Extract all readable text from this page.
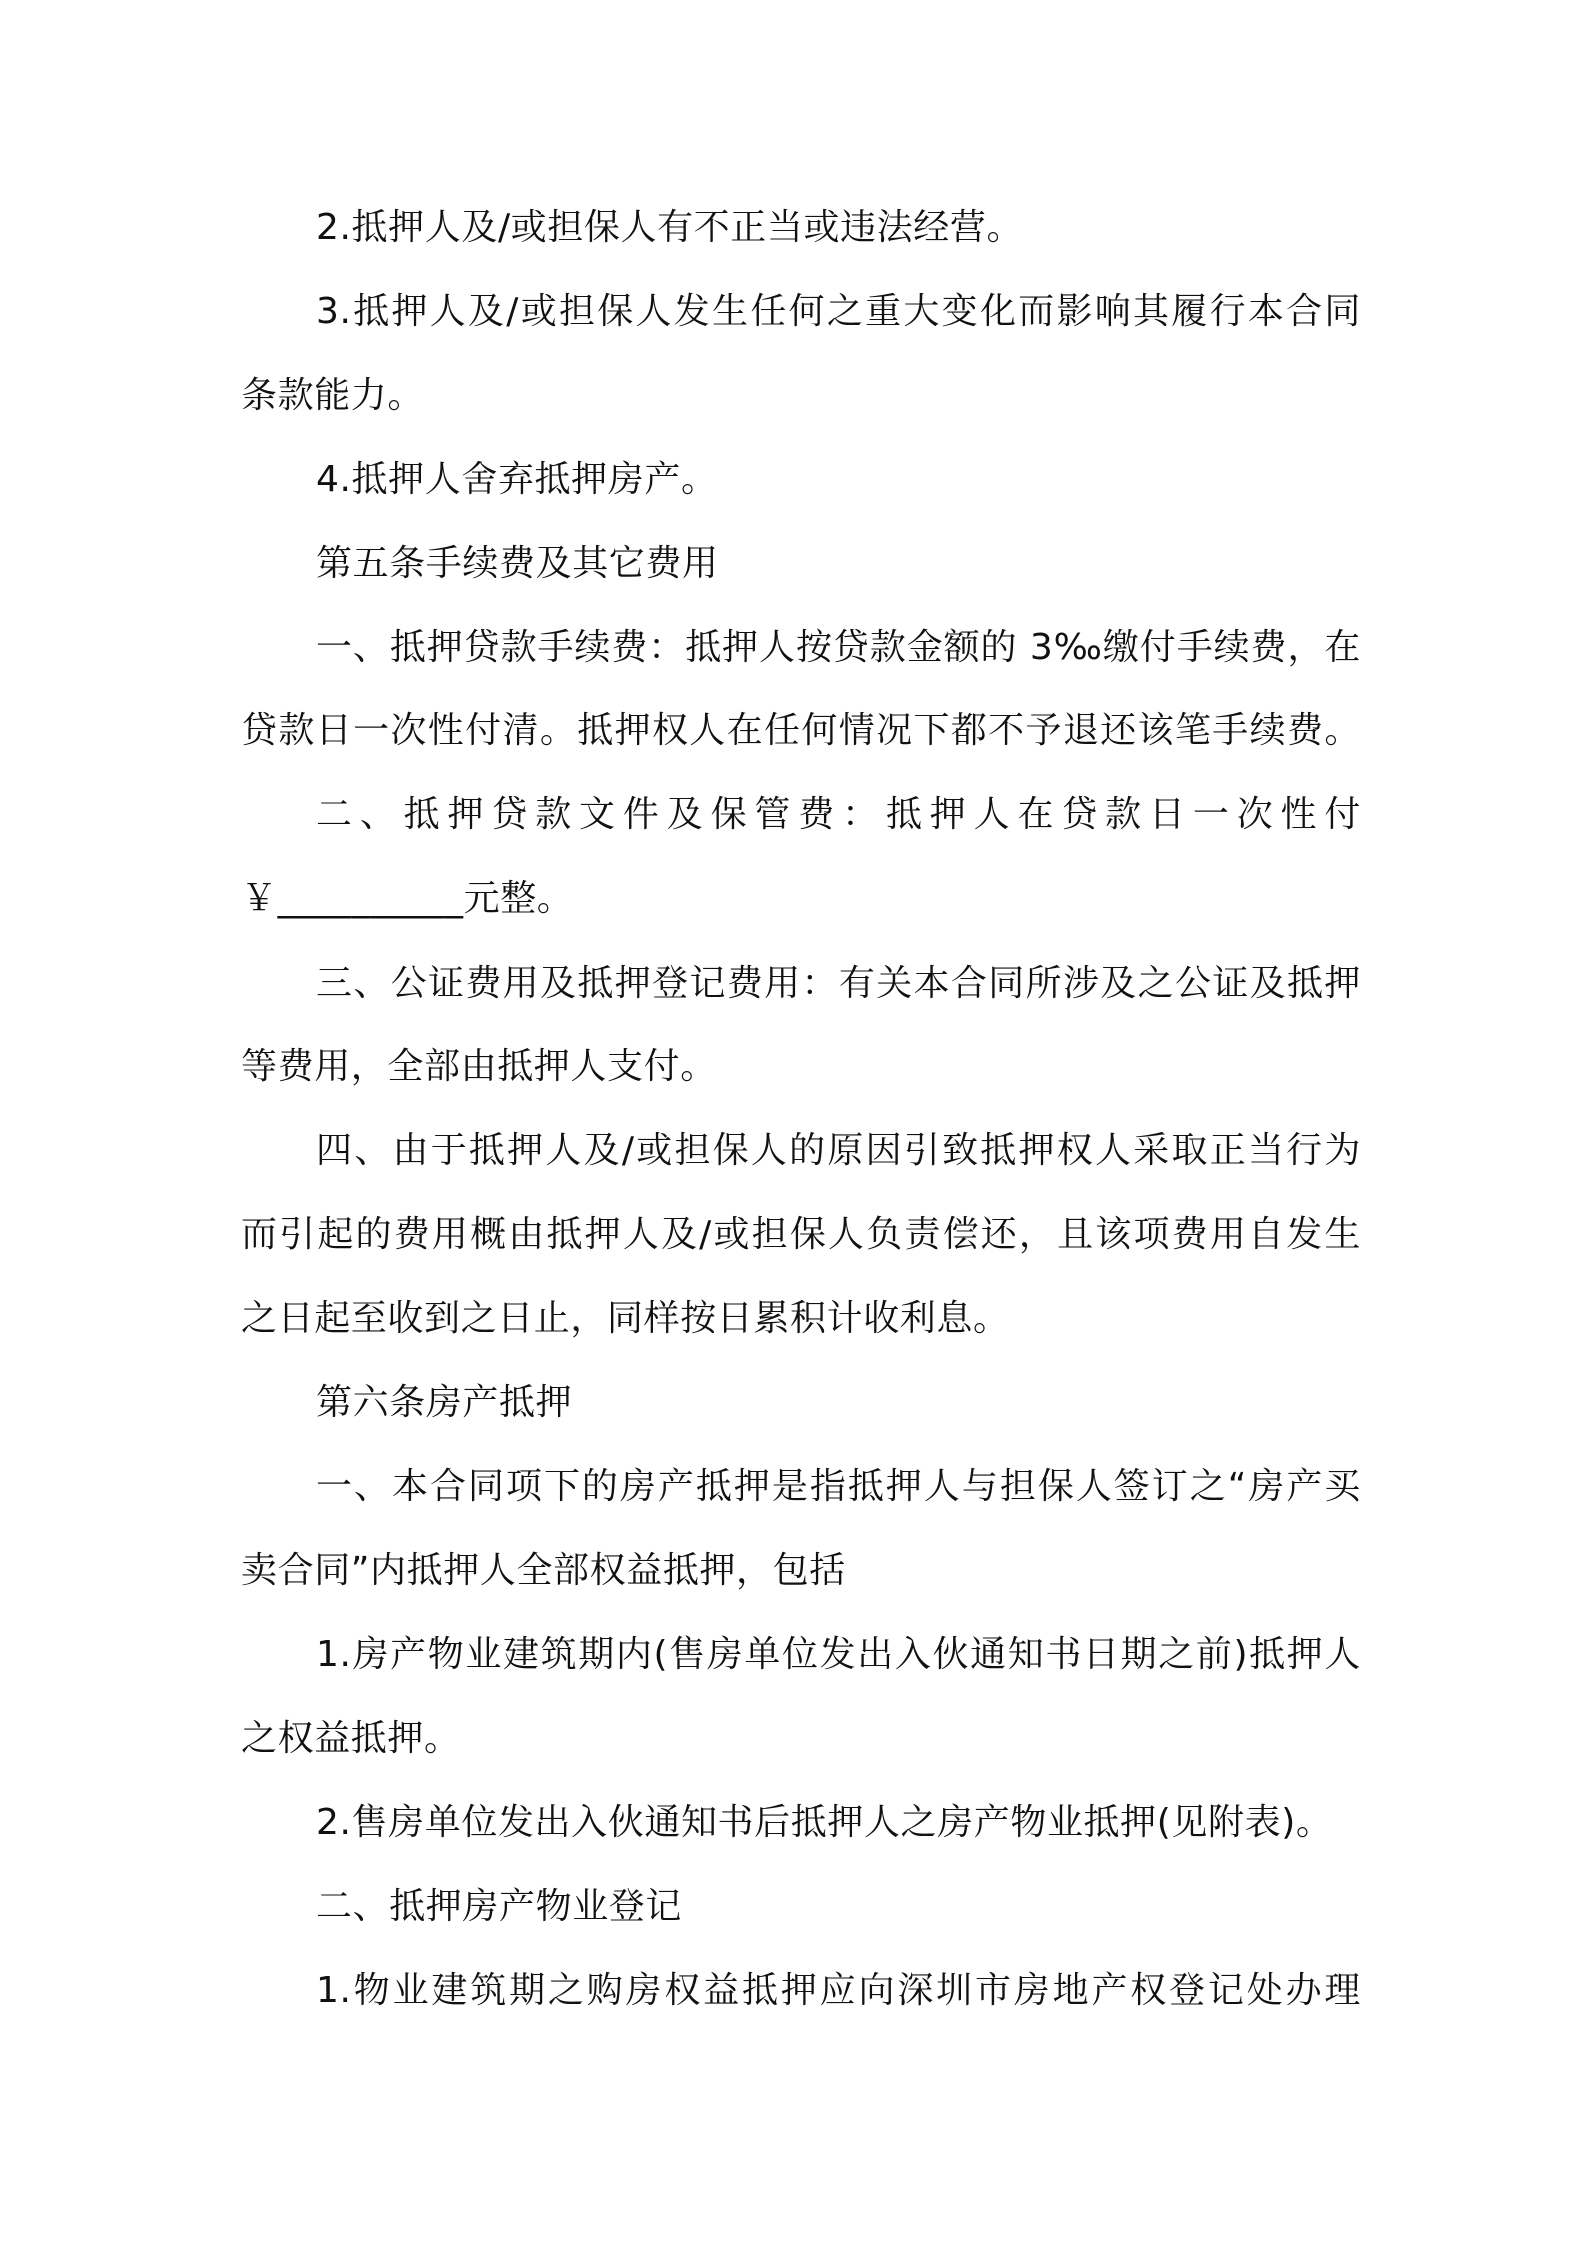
2.抵押人及/或担保人有不正当或违法经营。
3.抵押人及/或担保人发生任何之重大变化而影响其履行本合同
条款能力。
4.抵押人舍弃抵押房产。
第五条手续费及其它费用
一、抵押贷款手续费：抵押人按贷款金额的 3‰缴付手续费，在
贷款日一次性付清。抵押权人在任何情况下都不予退还该笔手续费。
二、抵押贷款文件及保管费：抵押人在贷款日一次性付
￥__________元整。
三、公证费用及抵押登记费用：有关本合同所涉及之公证及抵押
等费用，全部由抵押人支付。
四、由于抵押人及/或担保人的原因引致抵押权人采取正当行为
而引起的费用概由抵押人及/或担保人负责偿还，且该项费用自发生
之日起至收到之日止，同样按日累积计收利息。
第六条房产抵押
一、本合同项下的房产抵押是指抵押人与担保人签订之“房产买
卖合同”内抵押人全部权益抵押，包括
1.房产物业建筑期内(售房单位发出入伙通知书日期之前)抵押人
之权益抵押。
2.售房单位发出入伙通知书后抵押人之房产物业抵押(见附表)。
二、抵押房产物业登记
1.物业建筑期之购房权益抵押应向深圳市房地产权登记处办理
